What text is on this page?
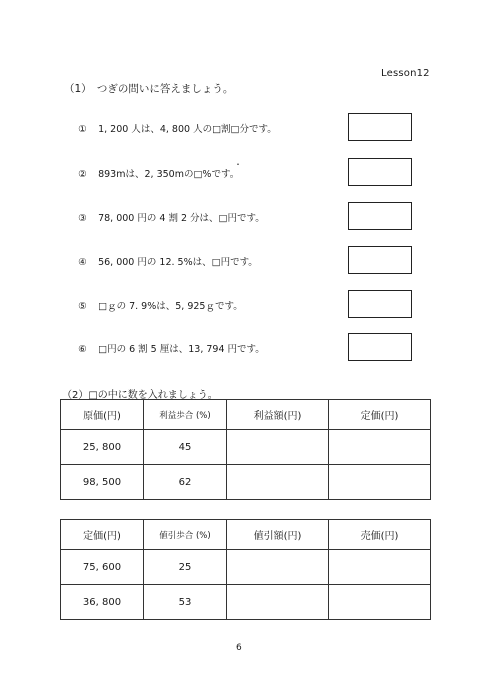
Lesson12
（1）　つぎの問いに答えましょう。

① 1, 200 人は、4, 800 人の□割□分です。

② 893mは、2, 350mの□%です。

・

③ 78, 000 円の 4 割 2 分は、□円です。

④ 56, 000 円の 12. 5%は、□円です。

⑤ □ｇの 7. 9%は、5, 925ｇです。

⑥ □円の 6 割 5 厘は、13, 794 円です。

（2）□の中に数を入れましょう。
原価(円)	利益歩合 (%)	利益額(円)	定価(円)
25, 800	45		
98, 500	62		
定価(円)	値引歩合 (%)	値引額(円)	売価(円)
75, 600	25		
36, 800	53		
6
